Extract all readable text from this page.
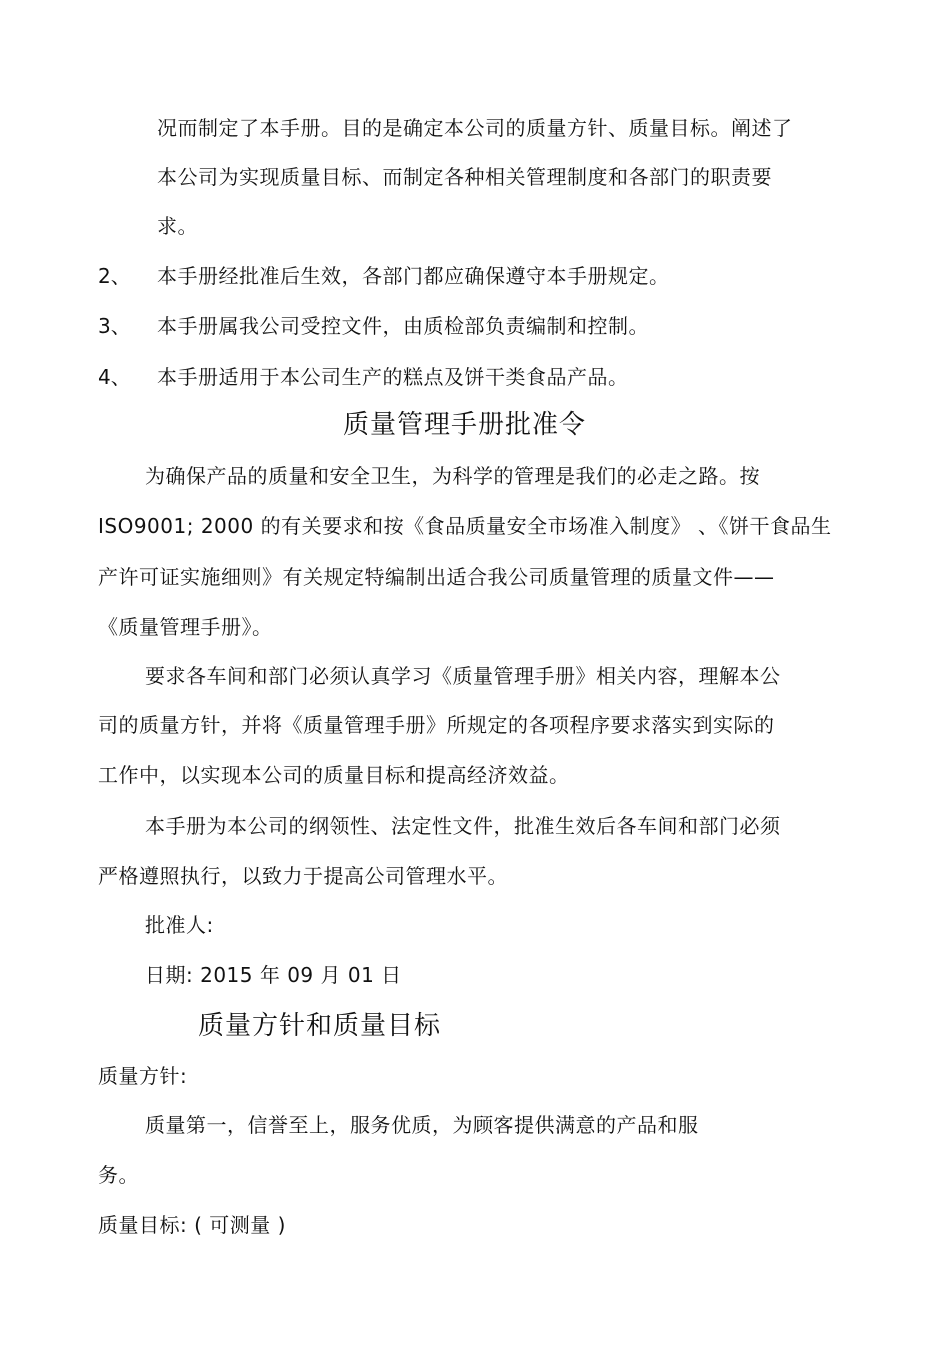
况而制定了本手册。目的是确定本公司的质量方针、质量目标。阐述了
本公司为实现质量目标、而制定各种相关管理制度和各部门的职责要
求。
2、 本手册经批准后生效，各部门都应确保遵守本手册规定。
3、 本手册属我公司受控文件，由质检部负责编制和控制。
4、 本手册适用于本公司生产的糕点及饼干类食品产品。
质量管理手册批准令
为确保产品的质量和安全卫生，为科学的管理是我们的必走之路。按
ISO9001; 2000 的有关要求和按《食品质量安全市场准入制度》 、《饼干食品生
产许可证实施细则》有关规定特编制出适合我公司质量管理的质量文件——
《质量管理手册》。
要求各车间和部门必须认真学习《质量管理手册》相关内容，理解本公
司的质量方针，并将《质量管理手册》所规定的各项程序要求落实到实际的
工作中，以实现本公司的质量目标和提高经济效益。
本手册为本公司的纲领性、法定性文件，批准生效后各车间和部门必须
严格遵照执行，以致力于提高公司管理水平。
批准人:
日期: 2015 年 09 月 01 日
质量方针和质量目标
质量方针:
质量第一，信誉至上，服务优质，为顾客提供满意的产品和服
务。
质量目标: ( 可测量 )
